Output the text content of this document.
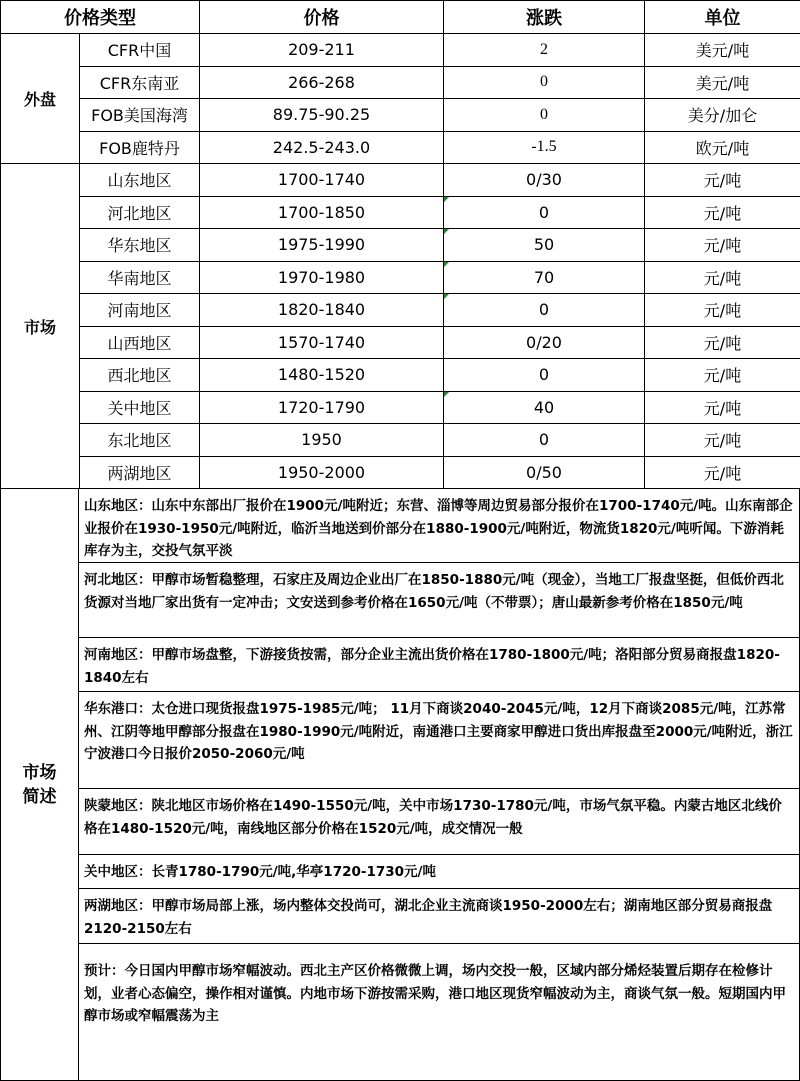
价格类型		价格	涨跌	单位
外盘	CFR中国	209-211	2	美元/吨
	CFR东南亚	266-268	0	美元/吨
	FOB美国海湾	89.75-90.25	0	美分/加仑
	FOB鹿特丹	242.5-243.0	-1.5	欧元/吨
市场	山东地区	1700-1740	0/30	元/吨
	河北地区	1700-1850	0	元/吨
	华东地区	1975-1990	50	元/吨
	华南地区	1970-1980	70	元/吨
	河南地区	1820-1840	0	元/吨
	山西地区	1570-1740	0/20	元/吨
	西北地区	1480-1520	0	元/吨
	关中地区	1720-1790	40	元/吨
	东北地区	1950	0	元/吨
	两湖地区	1950-2000	0/50	元/吨
市场
简述
山东地区：山东中东部出厂报价在1900元/吨附近；东营、淄博等周边贸易部分报价在1700-1740元/吨。山东南部企业报价在1930-1950元/吨附近，临沂当地送到价部分在1880-1900元/吨附近，物流货1820元/吨听闻。下游消耗库存为主，交投气氛平淡
河北地区：甲醇市场暂稳整理，石家庄及周边企业出厂在1850-1880元/吨（现金），当地工厂报盘坚挺，但低价西北货源对当地厂家出货有一定冲击；文安送到参考价格在1650元/吨（不带票）；唐山最新参考价格在1850元/吨
河南地区：甲醇市场盘整，下游接货按需，部分企业主流出货价格在1780-1800元/吨；洛阳部分贸易商报盘1820-1840左右
华东港口：太仓进口现货报盘1975-1985元/吨； 11月下商谈2040-2045元/吨，12月下商谈2085元/吨，江苏常州、江阴等地甲醇部分报盘在1980-1990元/吨附近，南通港口主要商家甲醇进口货出库报盘至2000元/吨附近，浙江宁波港口今日报价2050-2060元/吨
陕蒙地区：陕北地区市场价格在1490-1550元/吨，关中市场1730-1780元/吨，市场气氛平稳。内蒙古地区北线价格在1480-1520元/吨，南线地区部分价格在1520元/吨，成交情况一般
关中地区：长青1780-1790元/吨,华亭1720-1730元/吨
两湖地区：甲醇市场局部上涨，场内整体交投尚可，湖北企业主流商谈1950-2000左右；湖南地区部分贸易商报盘2120-2150左右
预计：今日国内甲醇市场窄幅波动。西北主产区价格微微上调，场内交投一般，区域内部分烯烃装置后期存在检修计划，业者心态偏空，操作相对谨慎。内地市场下游按需采购，港口地区现货窄幅波动为主，商谈气氛一般。短期国内甲醇市场或窄幅震荡为主
